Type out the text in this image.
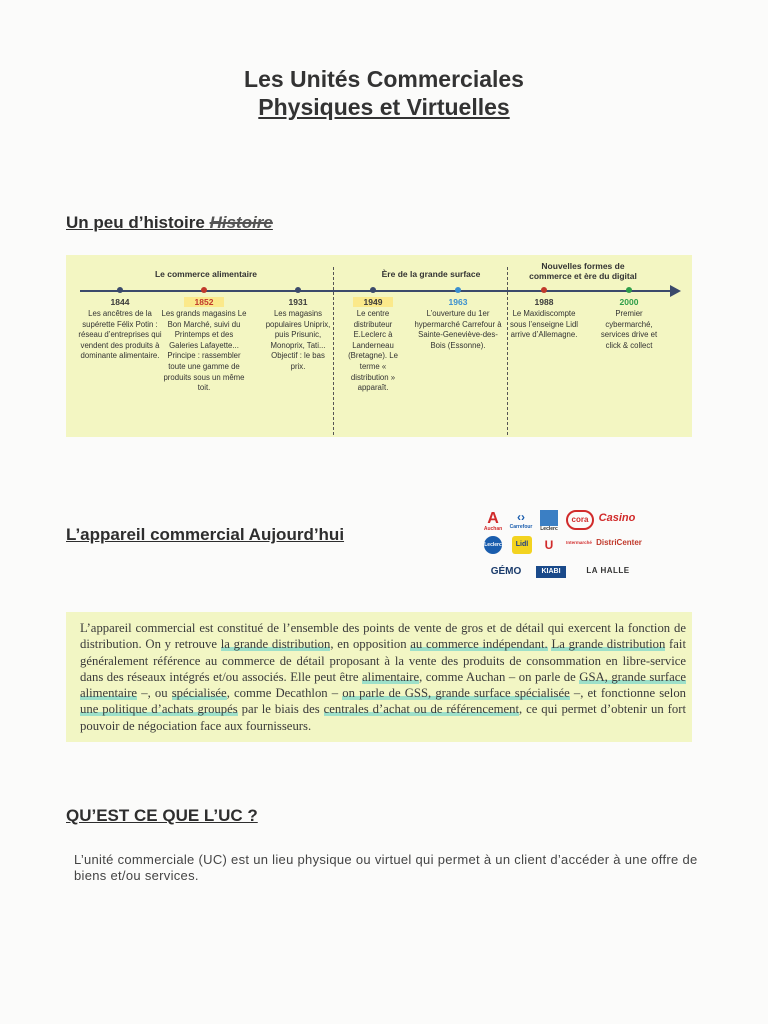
Les Unités Commerciales
Physiques et Virtuelles
Un peu d’histoire Histoire
Le commerce alimentaire	Ère de la grande surface
Nouvelles formes de commerce et ère du digital
1844
Les ancêtres de la supérette Félix Potin : réseau d’entreprises qui vendent des produits à dominante alimentaire.
1852
Les grands magasins Le Bon Marché, suivi du Printemps et des Galeries Lafayette... Principe : rassembler toute une gamme de produits sous un même toit.
1931
Les magasins populaires Uniprix, puis Prisunic, Monoprix, Tati... Objectif : le bas prix.
1949
Le centre distributeur E.Leclerc à Landerneau (Bretagne). Le terme « distribution » apparaît.
1963
L’ouverture du 1er hypermarché Carrefour à Sainte-Geneviève-des-Bois (Essonne).
1988
Le Maxidiscompte sous l’enseigne Lidl arrive d’Allemagne.
2000
Premier cybermarché, services drive et click & collect
L’appareil commercial Aujourd’hui
A
Auchan
‹›
Carrefour	Leclerc
cora Casino
Leclerc	Lidl	U	Intermarché DistriCenter
GÉMO	KIABI	LA HALLE
L’appareil commercial est constitué de l’ensemble des points de vente de gros et de détail qui exercent la fonction de distribution. On y retrouve la grande distribution, en opposition au commerce indépendant. La grande distribution fait généralement référence au commerce de détail proposant à la vente des produits de consommation en libre-service dans des réseaux intégrés et/ou associés. Elle peut être alimentaire, comme Auchan – on parle de GSA, grande surface alimentaire –, ou spécialisée, comme Decathlon – on parle de GSS, grande surface spécialisée –, et fonctionne selon une politique d’achats groupés par le biais des centrales d’achat ou de référencement, ce qui permet d’obtenir un fort pouvoir de négociation face aux fournisseurs.
QU’EST CE QUE L’UC ?
L’unité commerciale (UC) est un lieu physique ou virtuel qui permet à un client d’accéder à une offre de biens et/ou services.
